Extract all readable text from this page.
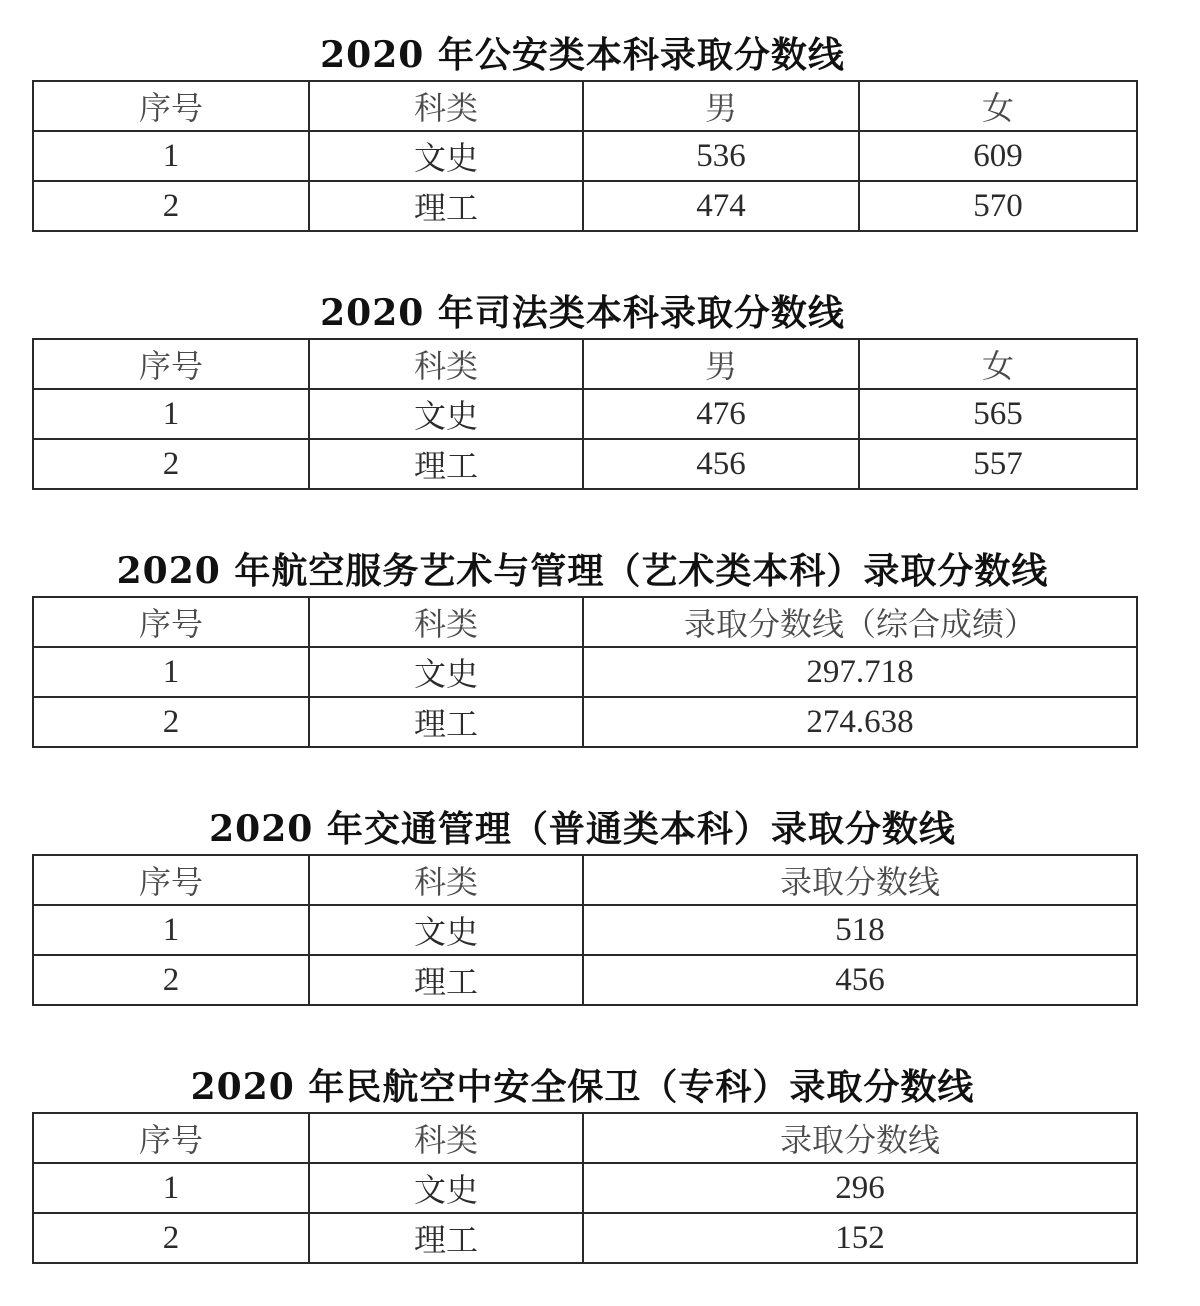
2020 年公安类本科录取分数线
序号	科类	男	女
1	文史	536	609
2	理工	474	570
2020 年司法类本科录取分数线
序号	科类	男	女
1	文史	476	565
2	理工	456	557
2020 年航空服务艺术与管理（艺术类本科）录取分数线
序号	科类	录取分数线（综合成绩）
1	文史	297.718
2	理工	274.638
2020 年交通管理（普通类本科）录取分数线
序号	科类	录取分数线
1	文史	518
2	理工	456
2020 年民航空中安全保卫（专科）录取分数线
序号	科类	录取分数线
1	文史	296
2	理工	152
